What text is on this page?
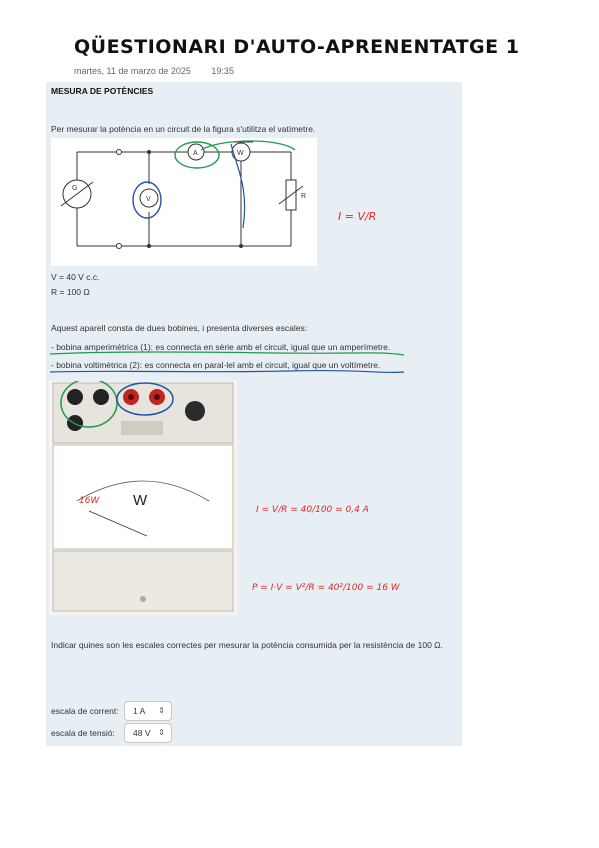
QÜESTIONARI D'AUTO-APRENENTATGE 1
martes, 11 de marzo de 2025 19:35
MESURA DE POTÈNCIES
Per mesurar la potència en un circuit de la figura s'utilitza el vatímetre.
G
V
A	W
R
I = V/R
V = 40 V c.c.
R = 100 Ω
Aquest aparell consta de dues bobines, i presenta diverses escales:
- bobina amperimètrica (1): es connecta en sèrie amb el circuit, igual que un amperímetre.
- bobina voltimètrica (2): es connecta en paral·lel amb el circuit, igual que un voltímetre.
W
16W
I = V/R = 40/100 = 0,4 A
P = I·V = V²/R = 40²/100 = 16 W
Indicar quines son les escales correctes per mesurar la potència consumida per la resistència de 100 Ω.
escala de corrent:	1 A ⇕
escala de tensió:	48 V ⇕
